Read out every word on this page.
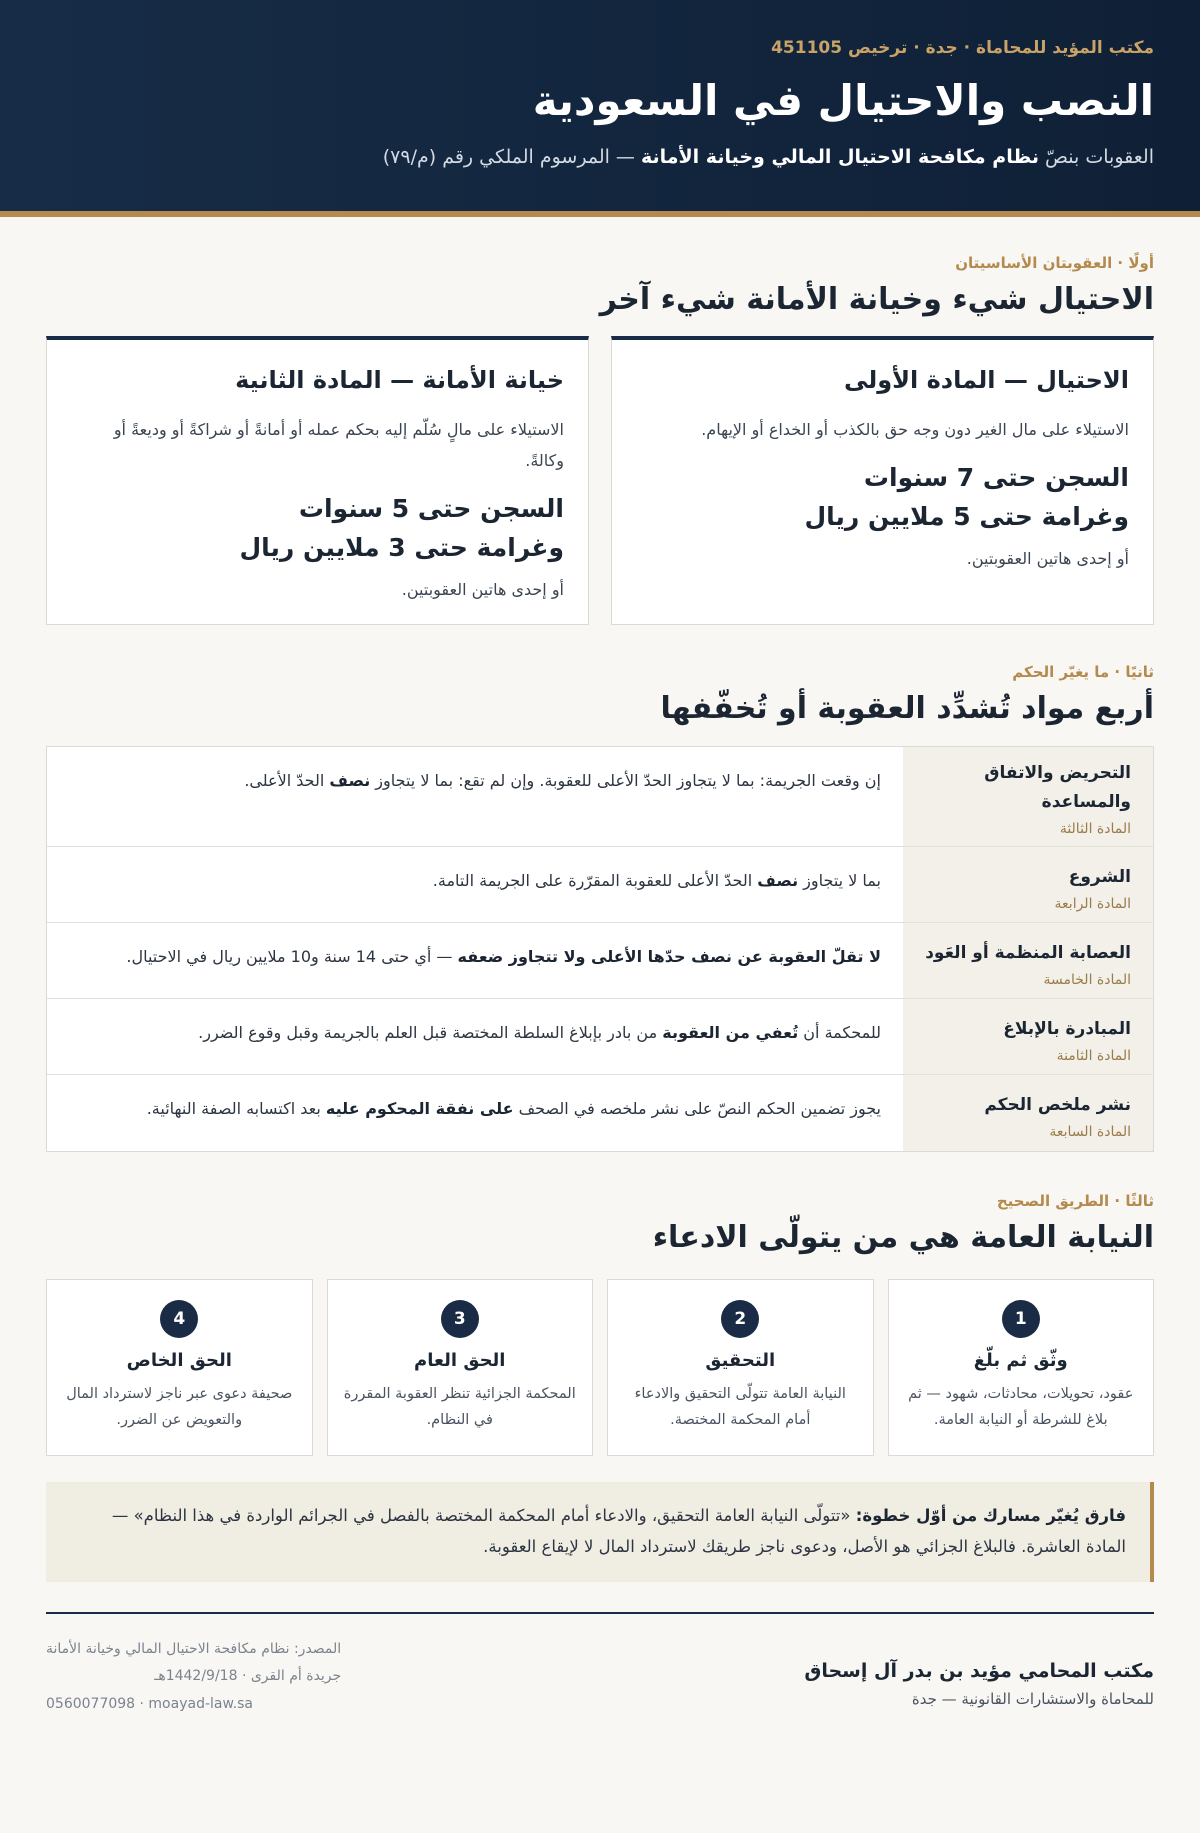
مكتب المؤيد للمحاماة · جدة · ترخيص 451105
النصب والاحتيال في السعودية
العقوبات بنصّ نظام مكافحة الاحتيال المالي وخيانة الأمانة — المرسوم الملكي رقم (م/٧٩)
أولًا · العقوبتان الأساسيتان
الاحتيال شيء وخيانة الأمانة شيء آخر
الاحتيال — المادة الأولى
الاستيلاء على مال الغير دون وجه حق بالكذب أو الخداع أو الإيهام.
السجن حتى 7 سنوات
وغرامة حتى 5 ملايين ريال
أو إحدى هاتين العقوبتين.
خيانة الأمانة — المادة الثانية
الاستيلاء على مالٍ سُلّم إليه بحكم عمله أو أمانةً أو شراكةً أو وديعةً أو وكالةً.
السجن حتى 5 سنوات
وغرامة حتى 3 ملايين ريال
أو إحدى هاتين العقوبتين.
ثانيًا · ما يغيّر الحكم
أربع مواد تُشدِّد العقوبة أو تُخفّفها
التحريض والاتفاق والمساعدة
المادة الثالثة
إن وقعت الجريمة: بما لا يتجاوز الحدّ الأعلى للعقوبة. وإن لم تقع: بما لا يتجاوز نصف الحدّ الأعلى.
الشروع
المادة الرابعة
بما لا يتجاوز نصف الحدّ الأعلى للعقوبة المقرّرة على الجريمة التامة.
العصابة المنظمة أو العَود
المادة الخامسة
لا تقلّ العقوبة عن نصف حدّها الأعلى ولا تتجاوز ضعفه — أي حتى 14 سنة و10 ملايين ريال في الاحتيال.
المبادرة بالإبلاغ
المادة الثامنة
للمحكمة أن تُعفي من العقوبة من بادر بإبلاغ السلطة المختصة قبل العلم بالجريمة وقبل وقوع الضرر.
نشر ملخص الحكم
المادة السابعة
يجوز تضمين الحكم النصّ على نشر ملخصه في الصحف على نفقة المحكوم عليه بعد اكتسابه الصفة النهائية.
ثالثًا · الطريق الصحيح
النيابة العامة هي من يتولّى الادعاء
1
وثّق ثم بلّغ
عقود، تحويلات، محادثات، شهود — ثم بلاغ للشرطة أو النيابة العامة.
2
التحقيق
النيابة العامة تتولّى التحقيق والادعاء أمام المحكمة المختصة.
3
الحق العام
المحكمة الجزائية تنظر العقوبة المقررة في النظام.
4
الحق الخاص
صحيفة دعوى عبر ناجز لاسترداد المال والتعويض عن الضرر.
فارق يُغيّر مسارك من أوّل خطوة: «تتولّى النيابة العامة التحقيق، والادعاء أمام المحكمة المختصة بالفصل في الجرائم الواردة في هذا النظام» — المادة العاشرة. فالبلاغ الجزائي هو الأصل، ودعوى ناجز طريقك لاسترداد المال لا لإيقاع العقوبة.
مكتب المحامي مؤيد بن بدر آل إسحاق
للمحاماة والاستشارات القانونية — جدة
المصدر: نظام مكافحة الاحتيال المالي وخيانة الأمانة
جريدة أم القرى · 1442/9/18هـ
0560077098 · moayad-law.sa
